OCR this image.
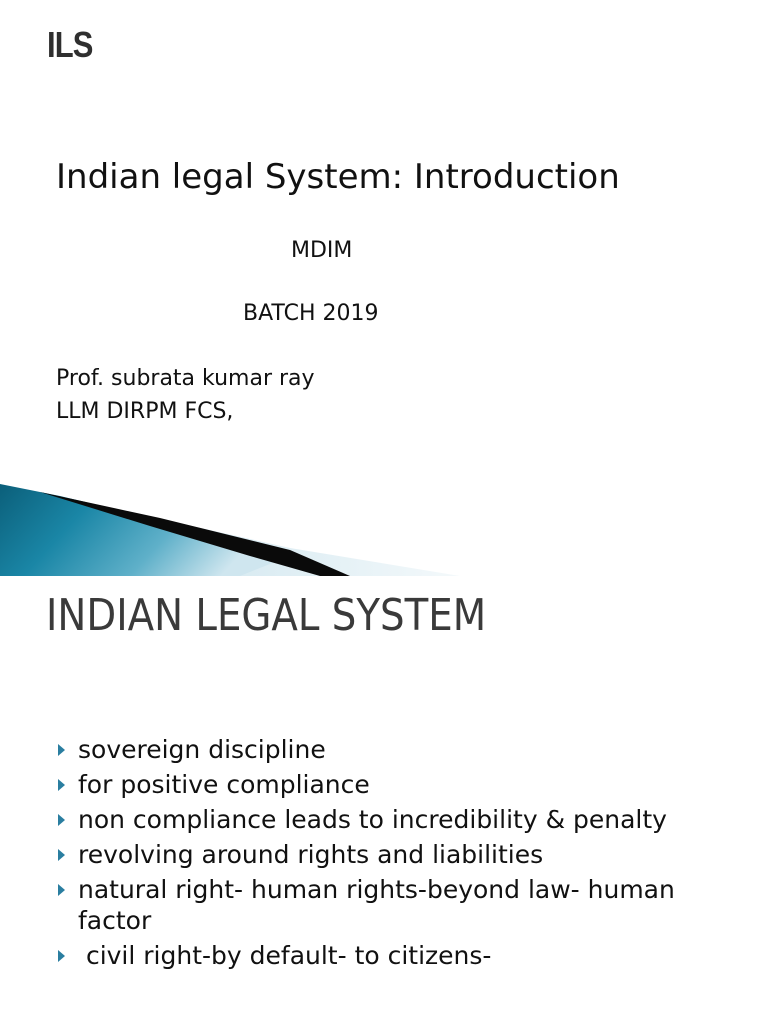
ILS
Indian legal System: Introduction
MDIM
BATCH 2019
Prof. subrata kumar ray
LLM DIRPM FCS,
INDIAN LEGAL SYSTEM
sovereign discipline
for positive compliance
non compliance leads to incredibility & penalty
revolving around rights and liabilities
natural right- human rights-beyond law- human factor
civil right-by default- to citizens-
